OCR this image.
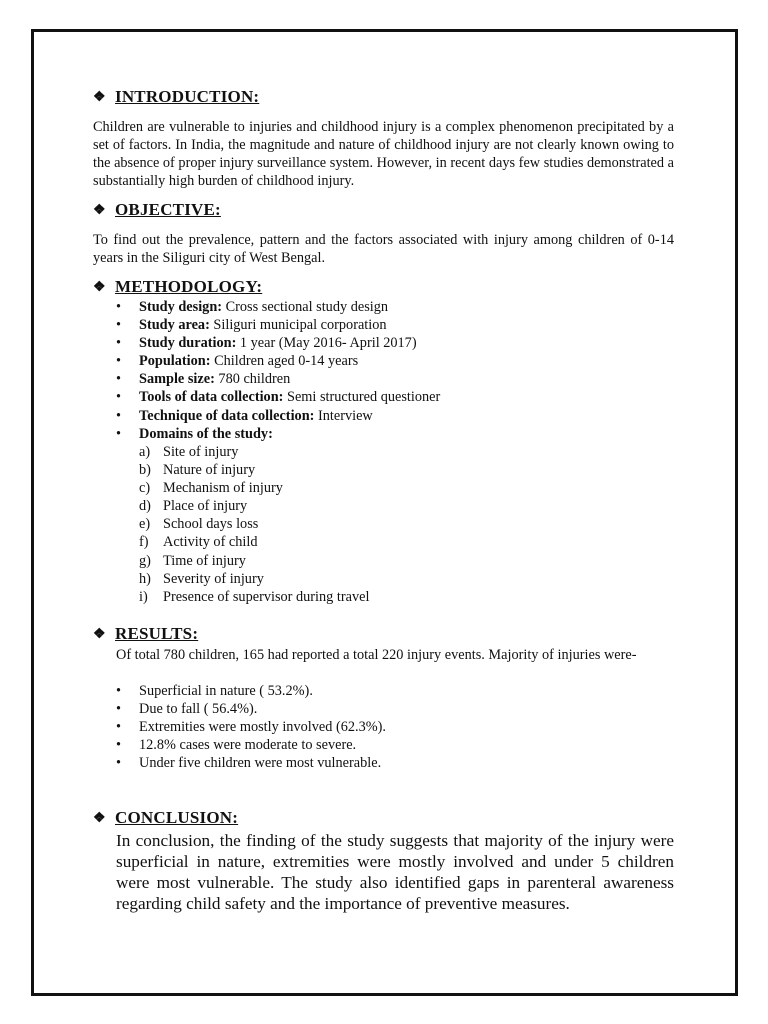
❖ INTRODUCTION:

Children are vulnerable to injuries and childhood injury is a complex phenomenon precipitated by a set of factors. In India, the magnitude and nature of childhood injury are not clearly known owing to the absence of proper injury surveillance system. However, in recent days few studies demonstrated a substantially high burden of childhood injury.

❖ OBJECTIVE:

To find out the prevalence, pattern and the factors associated with injury among children of 0-14 years in the Siliguri city of West Bengal.

❖ METHODOLOGY:
• Study design: Cross sectional study design
• Study area: Siliguri municipal corporation
• Study duration: 1 year (May 2016- April 2017)
• Population: Children aged 0-14 years
• Sample size: 780 children
• Tools of data collection: Semi structured questioner
• Technique of data collection: Interview
• Domains of the study:
a) Site of injury
b) Nature of injury
c) Mechanism of injury
d) Place of injury
e) School days loss
f) Activity of child
g) Time of injury
h) Severity of injury
i) Presence of supervisor during travel
❖ RESULTS:

Of total 780 children, 165 had reported a total 220 injury events. Majority of injuries were-

• Superficial in nature ( 53.2%).
• Due to fall ( 56.4%).
• Extremities were mostly involved (62.3%).
• 12.8% cases were moderate to severe.
• Under five children were most vulnerable.
❖ CONCLUSION:

In conclusion, the finding of the study suggests that majority of the injury were superficial in nature, extremities were mostly involved and under 5 children were most vulnerable. The study also identified gaps in parenteral awareness regarding child safety and the importance of preventive measures.
